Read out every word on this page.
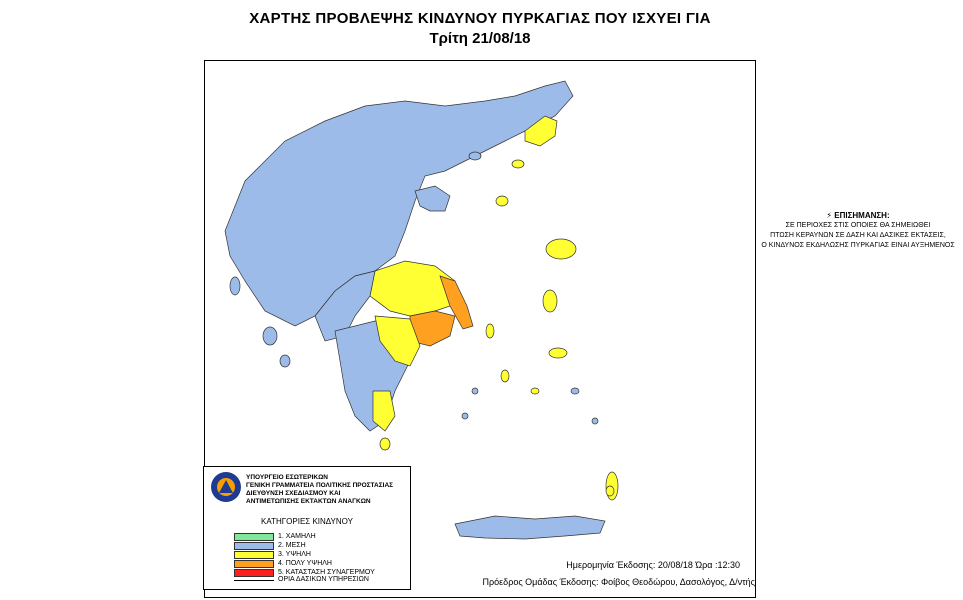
ΧΑΡΤΗΣ ΠΡΟΒΛΕΨΗΣ ΚΙΝΔΥΝΟΥ ΠΥΡΚΑΓΙΑΣ ΠΟΥ ΙΣΧΥΕΙ ΓΙΑ
Τρίτη 21/08/18
⚡ ΕΠΙΣΗΜΑΝΣΗ:
ΣΕ ΠΕΡΙΟΧΕΣ ΣΤΙΣ ΟΠΟΙΕΣ ΘΑ ΣΗΜΕΙΩΘΕΙ
ΠΤΩΣΗ ΚΕΡΑΥΝΩΝ ΣΕ ΔΑΣΗ ΚΑΙ ΔΑΣΙΚΕΣ ΕΚΤΑΣΕΙΣ,
Ο ΚΙΝΔΥΝΟΣ ΕΚΔΗΛΩΣΗΣ ΠΥΡΚΑΓΙΑΣ ΕΙΝΑΙ ΑΥΞΗΜΕΝΟΣ
ΥΠΟΥΡΓΕΙΟ ΕΣΩΤΕΡΙΚΩΝ
ΓΕΝΙΚΗ ΓΡΑΜΜΑΤΕΙΑ ΠΟΛΙΤΙΚΗΣ ΠΡΟΣΤΑΣΙΑΣ
ΔΙΕΥΘΥΝΣΗ ΣΧΕΔΙΑΣΜΟΥ ΚΑΙ
ΑΝΤΙΜΕΤΩΠΙΣΗΣ ΕΚΤΑΚΤΩΝ ΑΝΑΓΚΩΝ
ΚΑΤΗΓΟΡΙΕΣ ΚΙΝΔΥΝΟΥ
1. ΧΑΜΗΛΗ
2. ΜΕΣΗ
3. ΥΨΗΛΗ
4. ΠΟΛΥ ΥΨΗΛΗ
5. ΚΑΤΑΣΤΑΣΗ ΣΥΝΑΓΕΡΜΟΥ
ΟΡΙΑ ΔΑΣΙΚΩΝ ΥΠΗΡΕΣΙΩΝ
Ημερομηνία Έκδοσης: 20/08/18 Ώρα :12:30
Πρόεδρος Ομάδας Έκδοσης: Φοίβος Θεοδώρου, Δασολόγος, Δ/ντής
